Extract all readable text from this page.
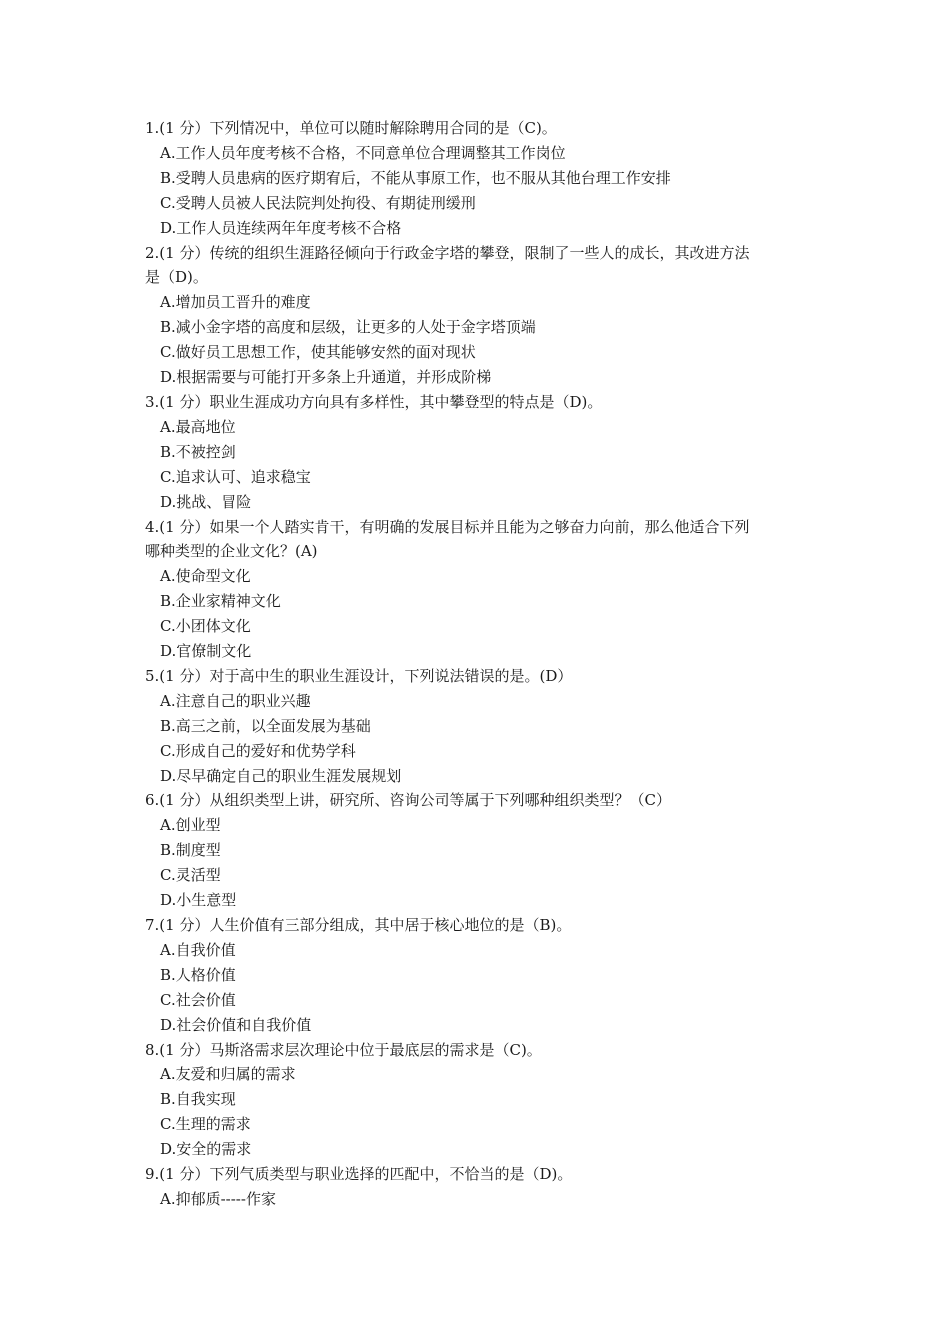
1.(1 分）下列情况中，单位可以随时解除聘用合同的是（C)。
A.工作人员年度考核不合格，不同意单位合理调整其工作岗位
B.受聘人员患病的医疗期宥后，不能从事原工作，也不服从其他台理工作安排
C.受聘人员被人民法院判处拘役、有期徒刑缓刑
D.工作人员连续两年年度考核不合格
2.(1 分）传统的组织生涯路径倾向于行政金字塔的攀登，限制了一些人的成长，其改进方法
是（D)。
A.增加员工晋升的难度
B.减小金字塔的高度和层级，让更多的人处于金字塔顶端
C.做好员工思想工作，使其能够安然的面对现状
D.根据需要与可能打开多条上升通道，并形成阶梯
3.(1 分）职业生涯成功方向具有多样性，其中攀登型的特点是（D)。
A.最高地位
B.不被控剑
C.追求认可、追求稳宝
D.挑战、冒险
4.(1 分）如果一个人踏实肯干，有明确的发展目标并且能为之够奋力向前，那么他适合下列
哪种类型的企业文化？(A)
A.使命型文化
B.企业家精神文化
C.小团体文化
D.官僚制文化
5.(1 分）对于高中生的职业生涯设计，下列说法错误的是。(D）
A.注意自己的职业兴趣
B.高三之前，以全面发展为基础
C.形成自己的爱好和优势学科
D.尽早确定自己的职业生涯发展规划
6.(1 分）从组织类型上讲，研究所、咨询公司等属于下列哪种组织类型？（C）
A.创业型
B.制度型
C.灵活型
D.小生意型
7.(1 分）人生价值有三部分组成，其中居于核心地位的是（B)。
A.自我价值
B.人格价值
C.社会价值
D.社会价值和自我价值
8.(1 分）马斯洛需求层次理论中位于最底层的需求是（C)。
A.友爱和归属的需求
B.自我实现
C.生理的需求
D.安全的需求
9.(1 分）下列气质类型与职业选择的匹配中，不恰当的是（D)。
A.抑郁质-----作家
